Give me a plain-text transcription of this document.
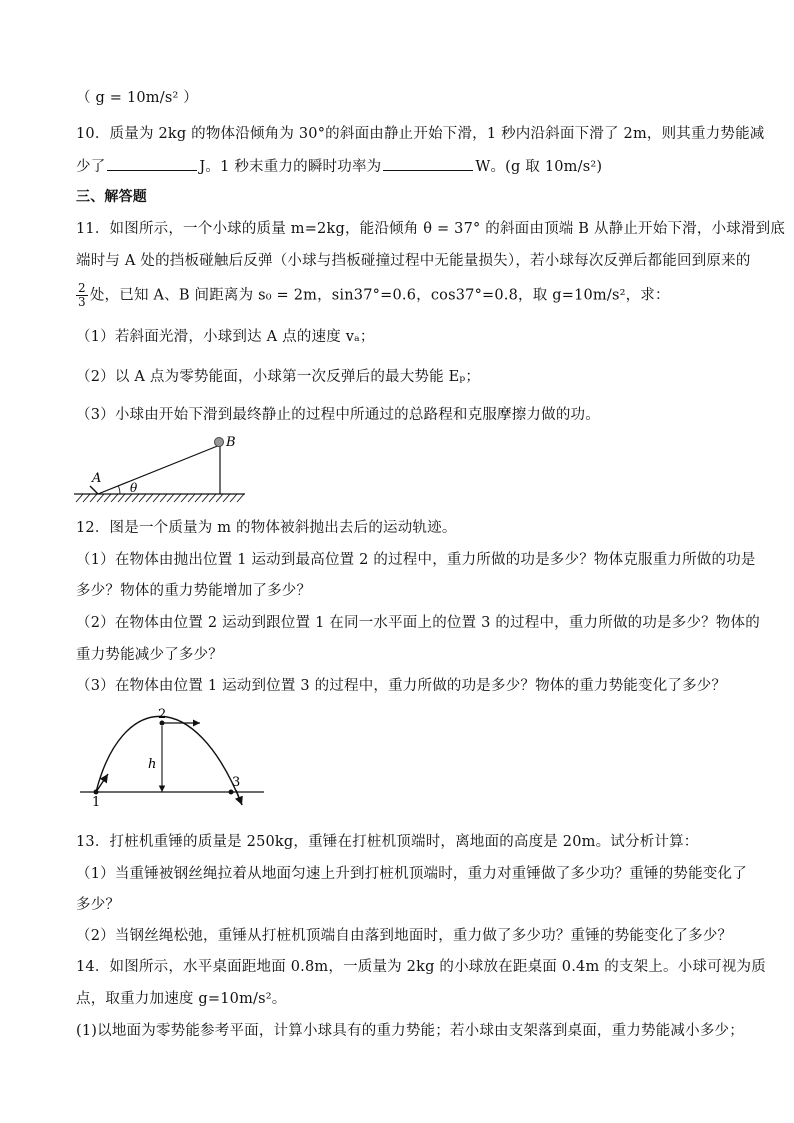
（ g = 10m/s² ）
10．质量为 2kg 的物体沿倾角为 30°的斜面由静止开始下滑，1 秒内沿斜面下滑了 2m，则其重力势能减
少了	J。1 秒末重力的瞬时功率为	W。(g 取 10m/s²)
三、解答题
11．如图所示，一个小球的质量 m=2kg，能沿倾角 θ = 37° 的斜面由顶端 B 从静止开始下滑，小球滑到底
端时与 A 处的挡板碰触后反弹（小球与挡板碰撞过程中无能量损失），若小球每次反弹后都能回到原来的
$\frac{2}{3}$ 处，已知 A、B 间距离为 s₀ = 2m，sin37°=0.6，cos37°=0.8，取 g=10m/s²，求：
（1）若斜面光滑，小球到达 A 点的速度 vₐ；
（2）以 A 点为零势能面，小球第一次反弹后的最大势能 Eₚ；
（3）小球由开始下滑到最终静止的过程中所通过的总路程和克服摩擦力做的功。
A
B
θ
12．图是一个质量为 m 的物体被斜抛出去后的运动轨迹。
（1）在物体由抛出位置 1 运动到最高位置 2 的过程中，重力所做的功是多少？物体克服重力所做的功是
多少？物体的重力势能增加了多少？
（2）在物体由位置 2 运动到跟位置 1 在同一水平面上的位置 3 的过程中，重力所做的功是多少？物体的
重力势能减少了多少？
（3）在物体由位置 1 运动到位置 3 的过程中，重力所做的功是多少？物体的重力势能变化了多少？
1
2
3
h
13．打桩机重锤的质量是 250kg，重锤在打桩机顶端时，离地面的高度是 20m。试分析计算：
（1）当重锤被钢丝绳拉着从地面匀速上升到打桩机顶端时，重力对重锤做了多少功？重锤的势能变化了
多少？
（2）当钢丝绳松弛，重锤从打桩机顶端自由落到地面时，重力做了多少功？重锤的势能变化了多少？
14．如图所示，水平桌面距地面 0.8m，一质量为 2kg 的小球放在距桌面 0.4m 的支架上。小球可视为质
点，取重力加速度 g=10m/s²。
(1)以地面为零势能参考平面，计算小球具有的重力势能；若小球由支架落到桌面，重力势能减小多少；
